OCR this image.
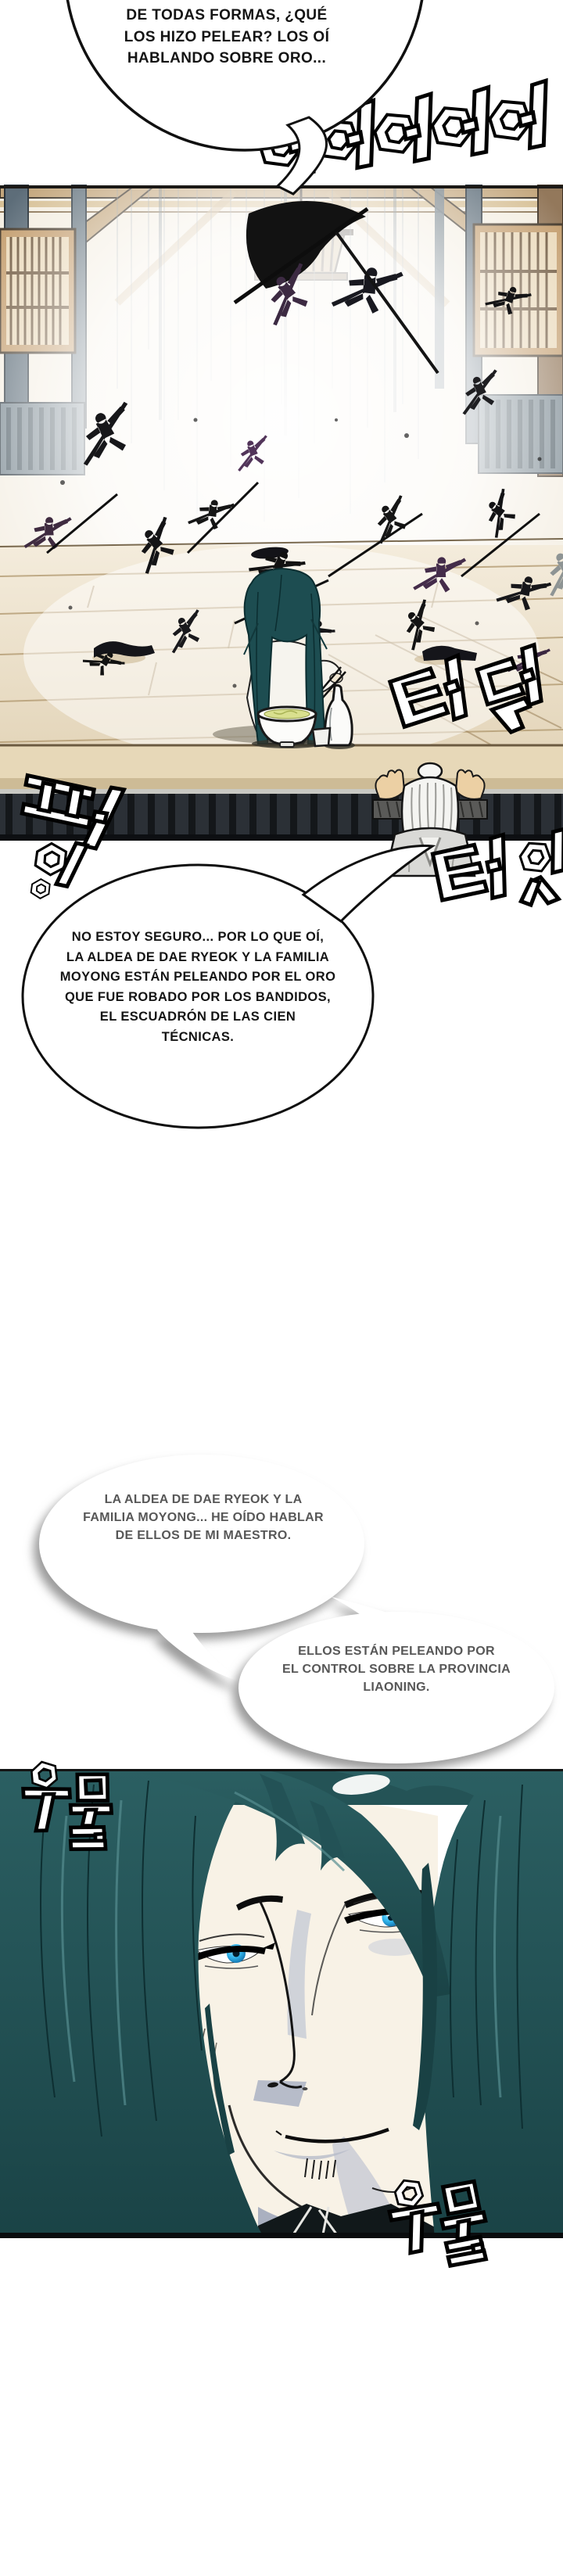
DE TODAS FORMAS, ¿QUÉ
LOS HIZO PELEAR? LOS OÍ
HABLANDO SOBRE ORO...
NO ESTOY SEGURO... POR LO QUE OÍ,
LA ALDEA DE DAE RYEOK Y LA FAMILIA
MOYONG ESTÁN PELEANDO POR EL ORO
QUE FUE ROBADO POR LOS BANDIDOS,
EL ESCUADRÓN DE LAS CIEN
TÉCNICAS.
LA ALDEA DE DAE RYEOK Y LA
FAMILIA MOYONG... HE OÍDO HABLAR
DE ELLOS DE MI MAESTRO.
ELLOS ESTÁN PELEANDO POR
EL CONTROL SOBRE LA PROVINCIA
LIAONING.
